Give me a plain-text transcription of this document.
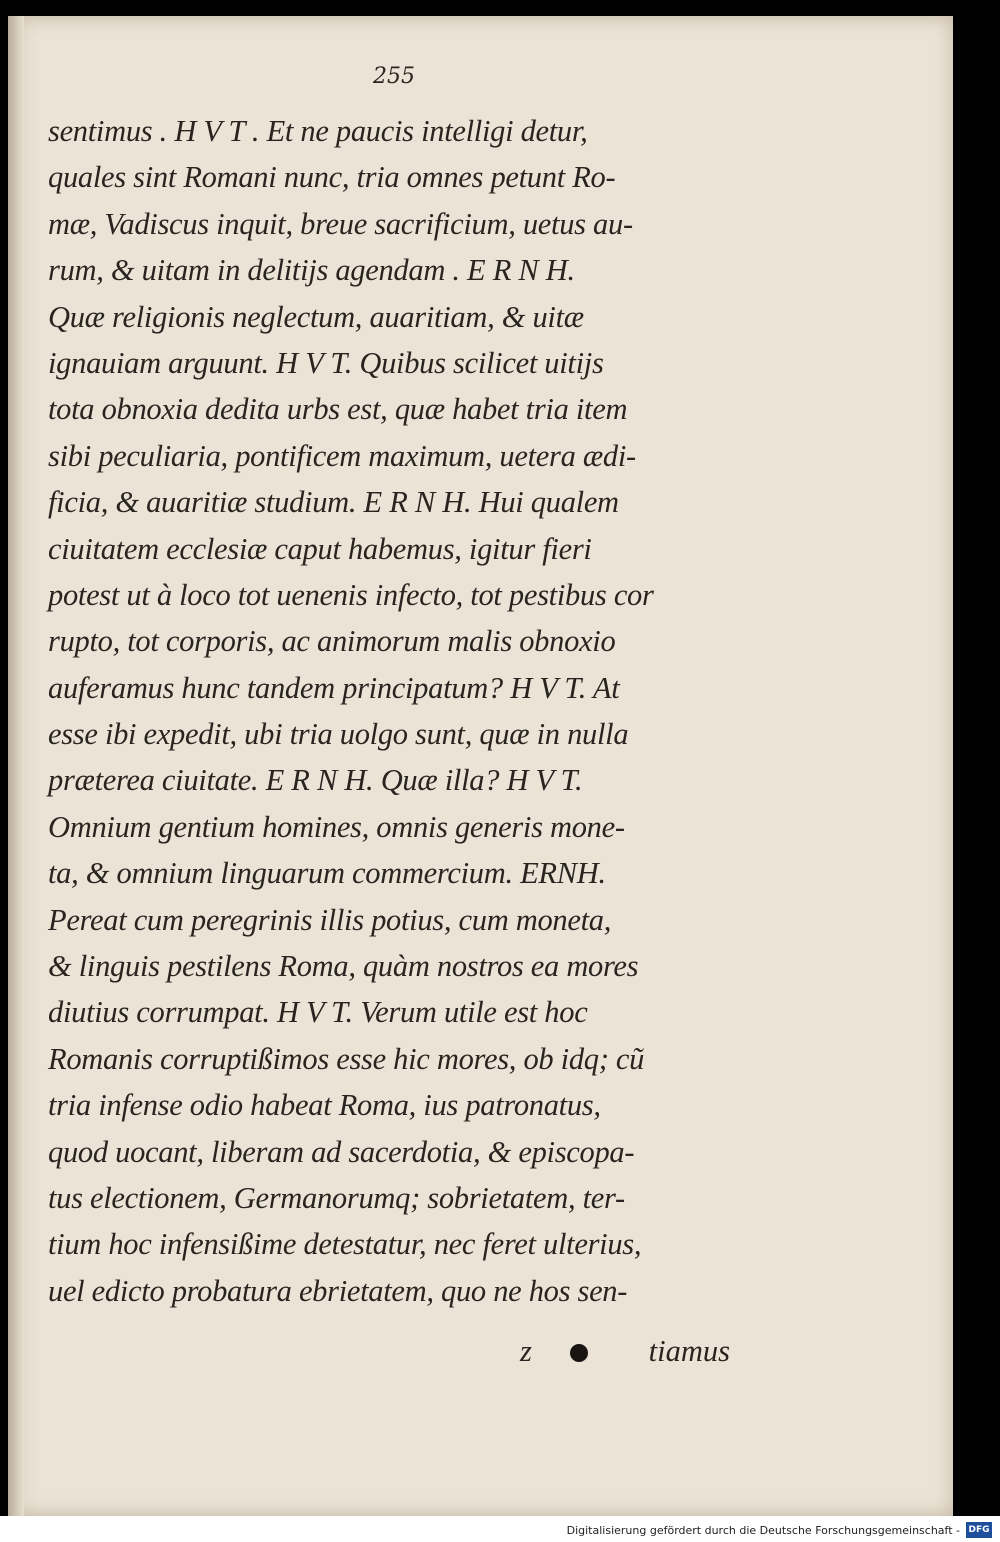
255
sentimus . H V T . Et ne paucis intelligi detur,
quales sint Romani nunc, tria omnes petunt Ro-
mæ, Vadiscus inquit, breue sacrificium, uetus au-
rum, & uitam in delitijs agendam . E R N H.
Quæ religionis neglectum, auaritiam, & uitæ
ignauiam arguunt. H V T. Quibus scilicet uitijs
tota obnoxia dedita urbs est, quæ habet tria item
sibi peculiaria, pontificem maximum, uetera ædi-
ficia, & auaritiæ studium. E R N H. Hui qualem
ciuitatem ecclesiæ caput habemus, igitur fieri
potest ut à loco tot uenenis infecto, tot pestibus cor
rupto, tot corporis, ac animorum malis obnoxio
auferamus hunc tandem principatum? H V T. At
esse ibi expedit, ubi tria uolgo sunt, quæ in nulla
præterea ciuitate. E R N H. Quæ illa? H V T.
Omnium gentium homines, omnis generis mone-
ta, & omnium linguarum commercium. ERNH.
Pereat cum peregrinis illis potius, cum moneta,
& linguis pestilens Roma, quàm nostros ea mores
diutius corrumpat. H V T. Verum utile est hoc
Romanis corruptißimos esse hic mores, ob idq; cũ
tria infense odio habeat Roma, ius patronatus,
quod uocant, liberam ad sacerdotia, & episcopa-
tus electionem, Germanorumq; sobrietatem, ter-
tium hoc infensißime detestatur, nec feret ulterius,
uel edicto probatura ebrietatem, quo ne hos sen-
z	tiamus
Digitalisierung gefördert durch die Deutsche Forschungsgemeinschaft - DFG
